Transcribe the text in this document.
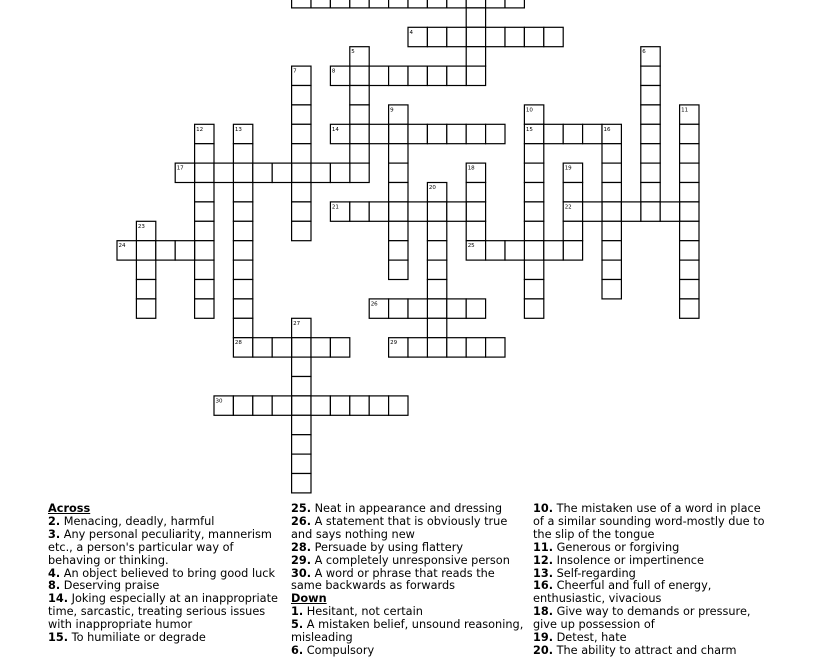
4
5	6
7	8
9	10	11
12	13	14	15	16
17	18	19
20
21	22
23
24	25
26
27
28	29
30
Across
2. Menacing, deadly, harmful
3. Any personal peculiarity, mannerism etc., a person's particular way of behaving or thinking.
4. An object believed to bring good luck
8. Deserving praise
14. Joking especially at an inappropriate time, sarcastic, treating serious issues with inappropriate humor
15. To humiliate or degrade
25. Neat in appearance and dressing
26. A statement that is obviously true and says nothing new
28. Persuade by using flattery
29. A completely unresponsive person
30. A word or phrase that reads the same backwards as forwards
Down
1. Hesitant, not certain
5. A mistaken belief, unsound reasoning, misleading
6. Compulsory
10. The mistaken use of a word in place of a similar sounding word-mostly due to the slip of the tongue
11. Generous or forgiving
12. Insolence or impertinence
13. Self-regarding
16. Cheerful and full of energy, enthusiastic, vivacious
18. Give way to demands or pressure, give up possession of
19. Detest, hate
20. The ability to attract and charm
